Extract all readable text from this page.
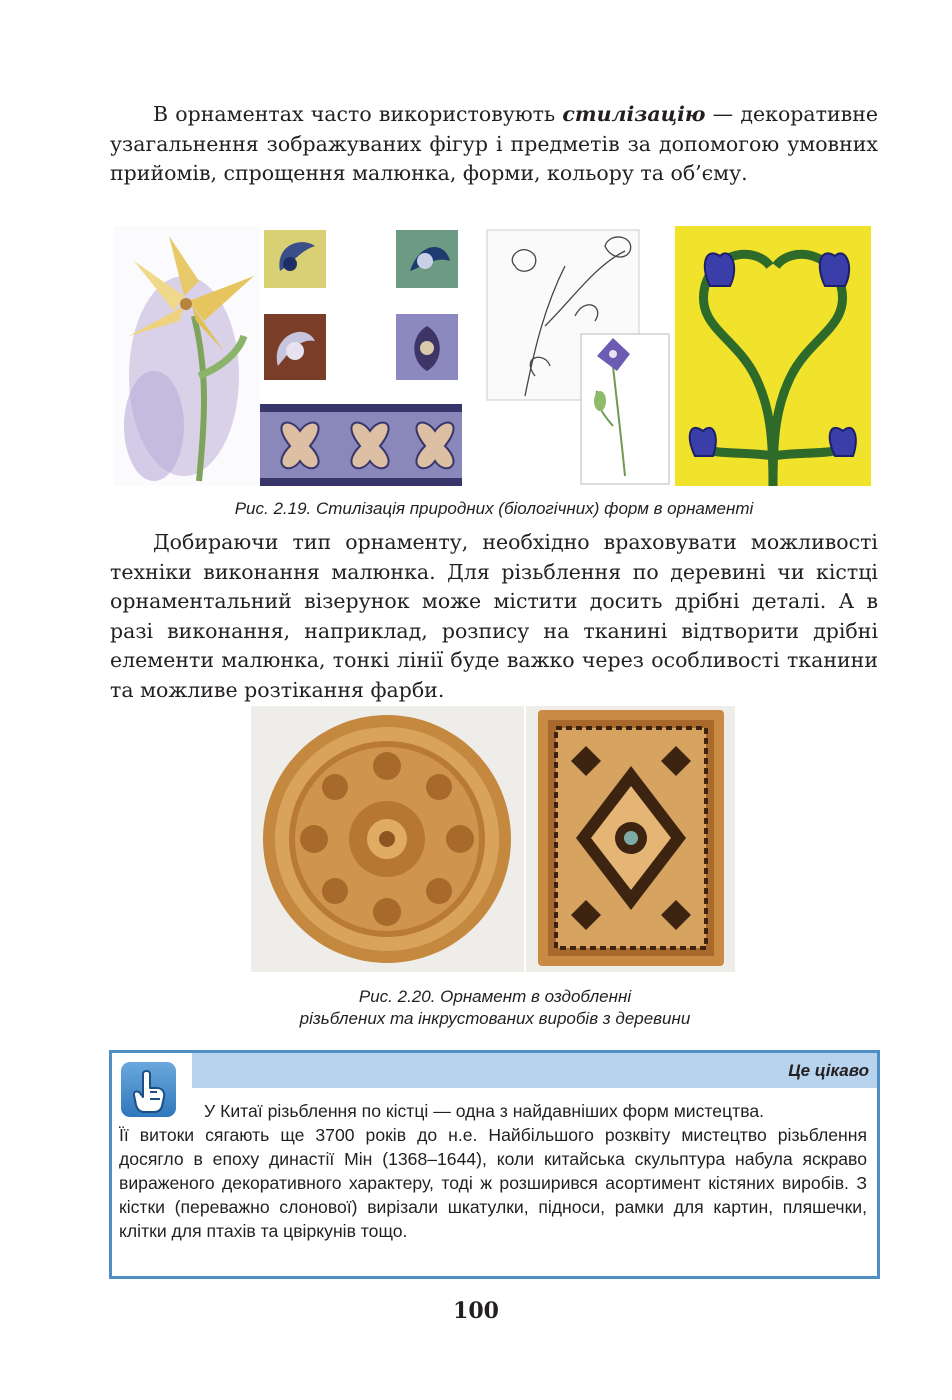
В орнаментах часто використовують стилізацію — декоративне узагальнення зображуваних фігур і предметів за допомогою умовних прийомів, спрощення малюнка, форми, кольору та об’єму.

Рис. 2.19. Стилізація природних (біологічних) форм в орнаменті

Добираючи тип орнаменту, необхідно враховувати можливості техніки виконання малюнка. Для різьблення по деревині чи кістці орнаментальний візерунок може містити досить дрібні деталі. А в разі виконання, наприклад, розпису на тканині відтворити дрібні елементи малюнка, тонкі лінії буде важко через особливості тканини та можливе розтікання фарби.

Рис. 2.20. Орнамент в оздобленні
різьблених та інкрустованих виробів з деревини
Це цікаво
У Китаї різьблення по кістці — одна з найдавніших форм мистецтва.
Її витоки сягають ще 3700 років до н.е. Найбільшого розквіту мистецтво різьблення досягло в епоху династії Мін (1368–1644), коли китайська скульптура набула яскраво вираженого декоративного характеру, тоді ж розширився асортимент кістяних виробів. З кістки (переважно слонової) вирізали шкатулки, підноси, рамки для картин, пляшечки, клітки для птахів та цвіркунів тощо.
100
